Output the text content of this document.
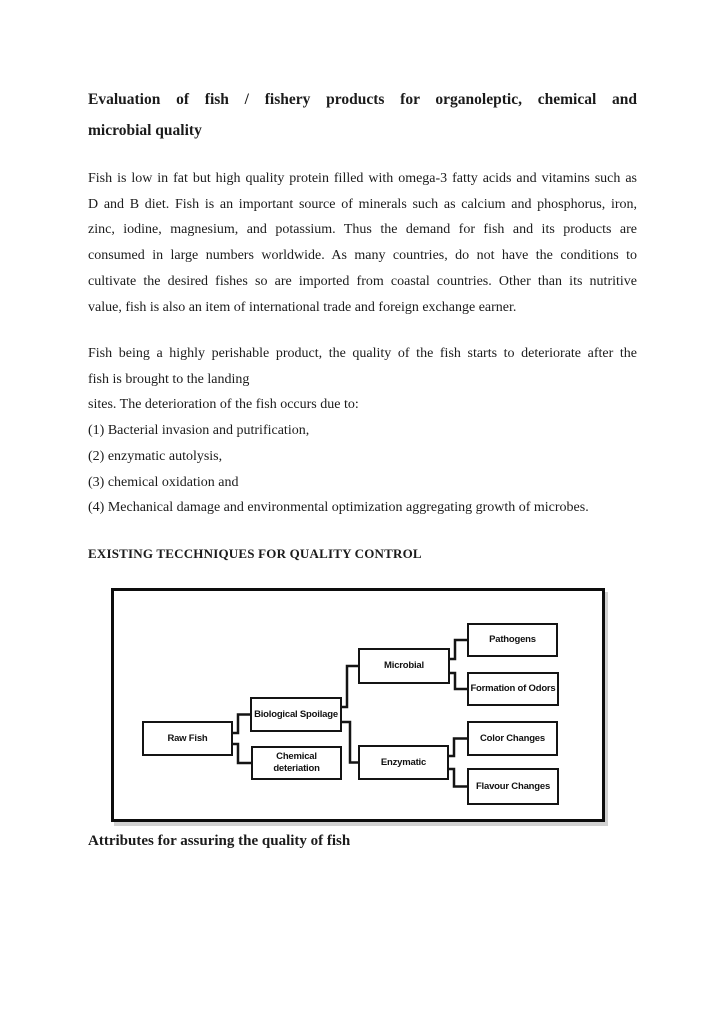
Evaluation of fish / fishery products for organoleptic, chemical and
microbial quality
Fish is low in fat but high quality protein filled with omega-3 fatty acids and vitamins such as
D and B diet. Fish is an important source of minerals such as calcium and phosphorus, iron,
zinc, iodine, magnesium, and potassium. Thus the demand for fish and its products are
consumed in large numbers worldwide. As many countries, do not have the conditions to
cultivate the desired fishes so are imported from coastal countries. Other than its nutritive
value, fish is also an item of international trade and foreign exchange earner.
Fish being a highly perishable product, the quality of the fish starts to deteriorate after the
fish is brought to the landing
sites. The deterioration of the fish occurs due to:
(1) Bacterial invasion and putrification,
(2) enzymatic autolysis,
(3) chemical oxidation and
(4) Mechanical damage and environmental optimization aggregating growth of microbes.
EXISTING TECCHNIQUES FOR QUALITY CONTROL
Raw Fish
Biological Spoilage
Chemical deteriation
Microbial
Enzymatic
Pathogens
Formation of Odors
Color Changes
Flavour Changes
Attributes for assuring the quality of fish
